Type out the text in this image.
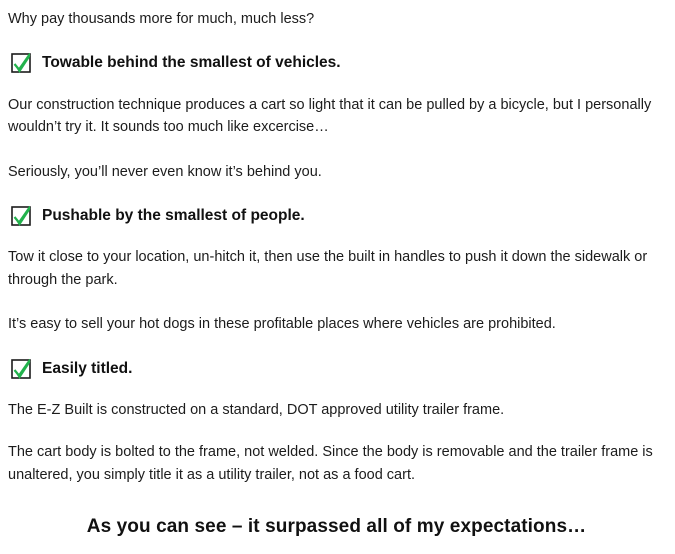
Why pay thousands more for much, much less?

Towable behind the smallest of vehicles.

Our construction technique produces a cart so light that it can be pulled by a bicycle, but I personally wouldn’t try it. It sounds too much like excercise…

Seriously, you’ll never even know it’s behind you.

Pushable by the smallest of people.

Tow it close to your location, un-hitch it, then use the built in handles to push it down the sidewalk or through the park.

It’s easy to sell your hot dogs in these profitable places where vehicles are prohibited.

Easily titled.

The E-Z Built is constructed on a standard, DOT approved utility trailer frame.

The cart body is bolted to the frame, not welded. Since the body is removable and the trailer frame is unaltered, you simply title it as a utility trailer, not as a food cart.

As you can see – it surpassed all of my expectations…
